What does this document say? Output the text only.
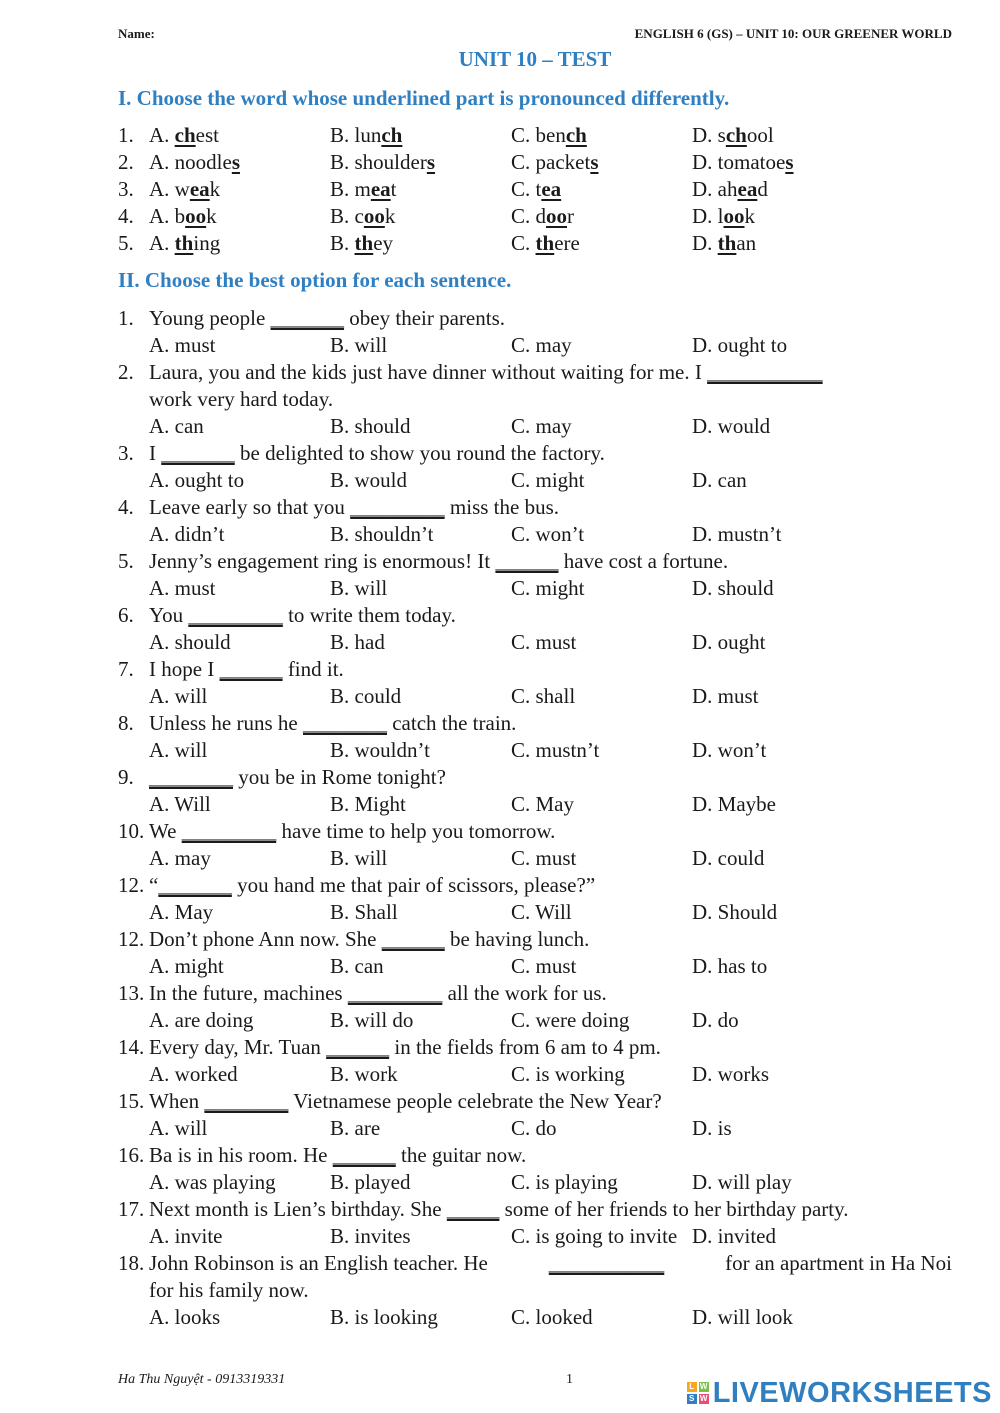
Name:	ENGLISH 6 (GS) – UNIT 10: OUR GREENER WORLD
UNIT 10 – TEST
I. Choose the word whose underlined part is pronounced differently.
1. A. chest	B. lunch	C. bench	D. school
2. A. noodles	B. shoulders	C. packets	D. tomatoes
3. A. weak	B. meat	C. tea	D. ahead
4. A. book	B. cook	C. door	D. look
5. A. thing	B. they	C. there	D. than
II. Choose the best option for each sentence.
1. Young people _______ obey their parents.
A. must	B. will	C. may	D. ought to
2. Laura, you and the kids just have dinner without waiting for me. I ___________
work very hard today.
A. can	B. should	C. may	D. would
3. I _______ be delighted to show you round the factory.
A. ought to	B. would	C. might	D. can
4. Leave early so that you _________ miss the bus.
A. didn’t	B. shouldn’t	C. won’t	D. mustn’t
5. Jenny’s engagement ring is enormous! It ______ have cost a fortune.
A. must	B. will	C. might	D. should
6. You _________ to write them today.
A. should	B. had	C. must	D. ought
7. I hope I ______ find it.
A. will	B. could	C. shall	D. must
8. Unless he runs he ________ catch the train.
A. will	B. wouldn’t	C. mustn’t	D. won’t
9. ________ you be in Rome tonight?
A. Will	B. Might	C. May	D. Maybe
10. We _________ have time to help you tomorrow.
A. may	B. will	C. must	D. could
12. “_______ you hand me that pair of scissors, please?”
A. May	B. Shall	C. Will	D. Should
12. Don’t phone Ann now. She ______ be having lunch.
A. might	B. can	C. must	D. has to
13. In the future, machines _________ all the work for us.
A. are doing	B. will do	C. were doing	D. do
14. Every day, Mr. Tuan ______ in the fields from 6 am to 4 pm.
A. worked	B. work	C. is working	D. works
15. When ________ Vietnamese people celebrate the New Year?
A. will	B. are	C. do	D. is
16. Ba is in his room. He ______ the guitar now.
A. was playing	B. played	C. is playing	D. will play
17. Next month is Lien’s birthday. She _____ some of her friends to her birthday party.
A. invite	B. invites	C. is going to invite D. invited
18. John Robinson is an English teacher. He	___________	for an apartment in Ha Noi
for his family now.
A. looks	B. is looking	C. looked	D. will look
Ha Thu Nguyệt - 0913319331	1	L W
S W LIVEWORKSHEETS
